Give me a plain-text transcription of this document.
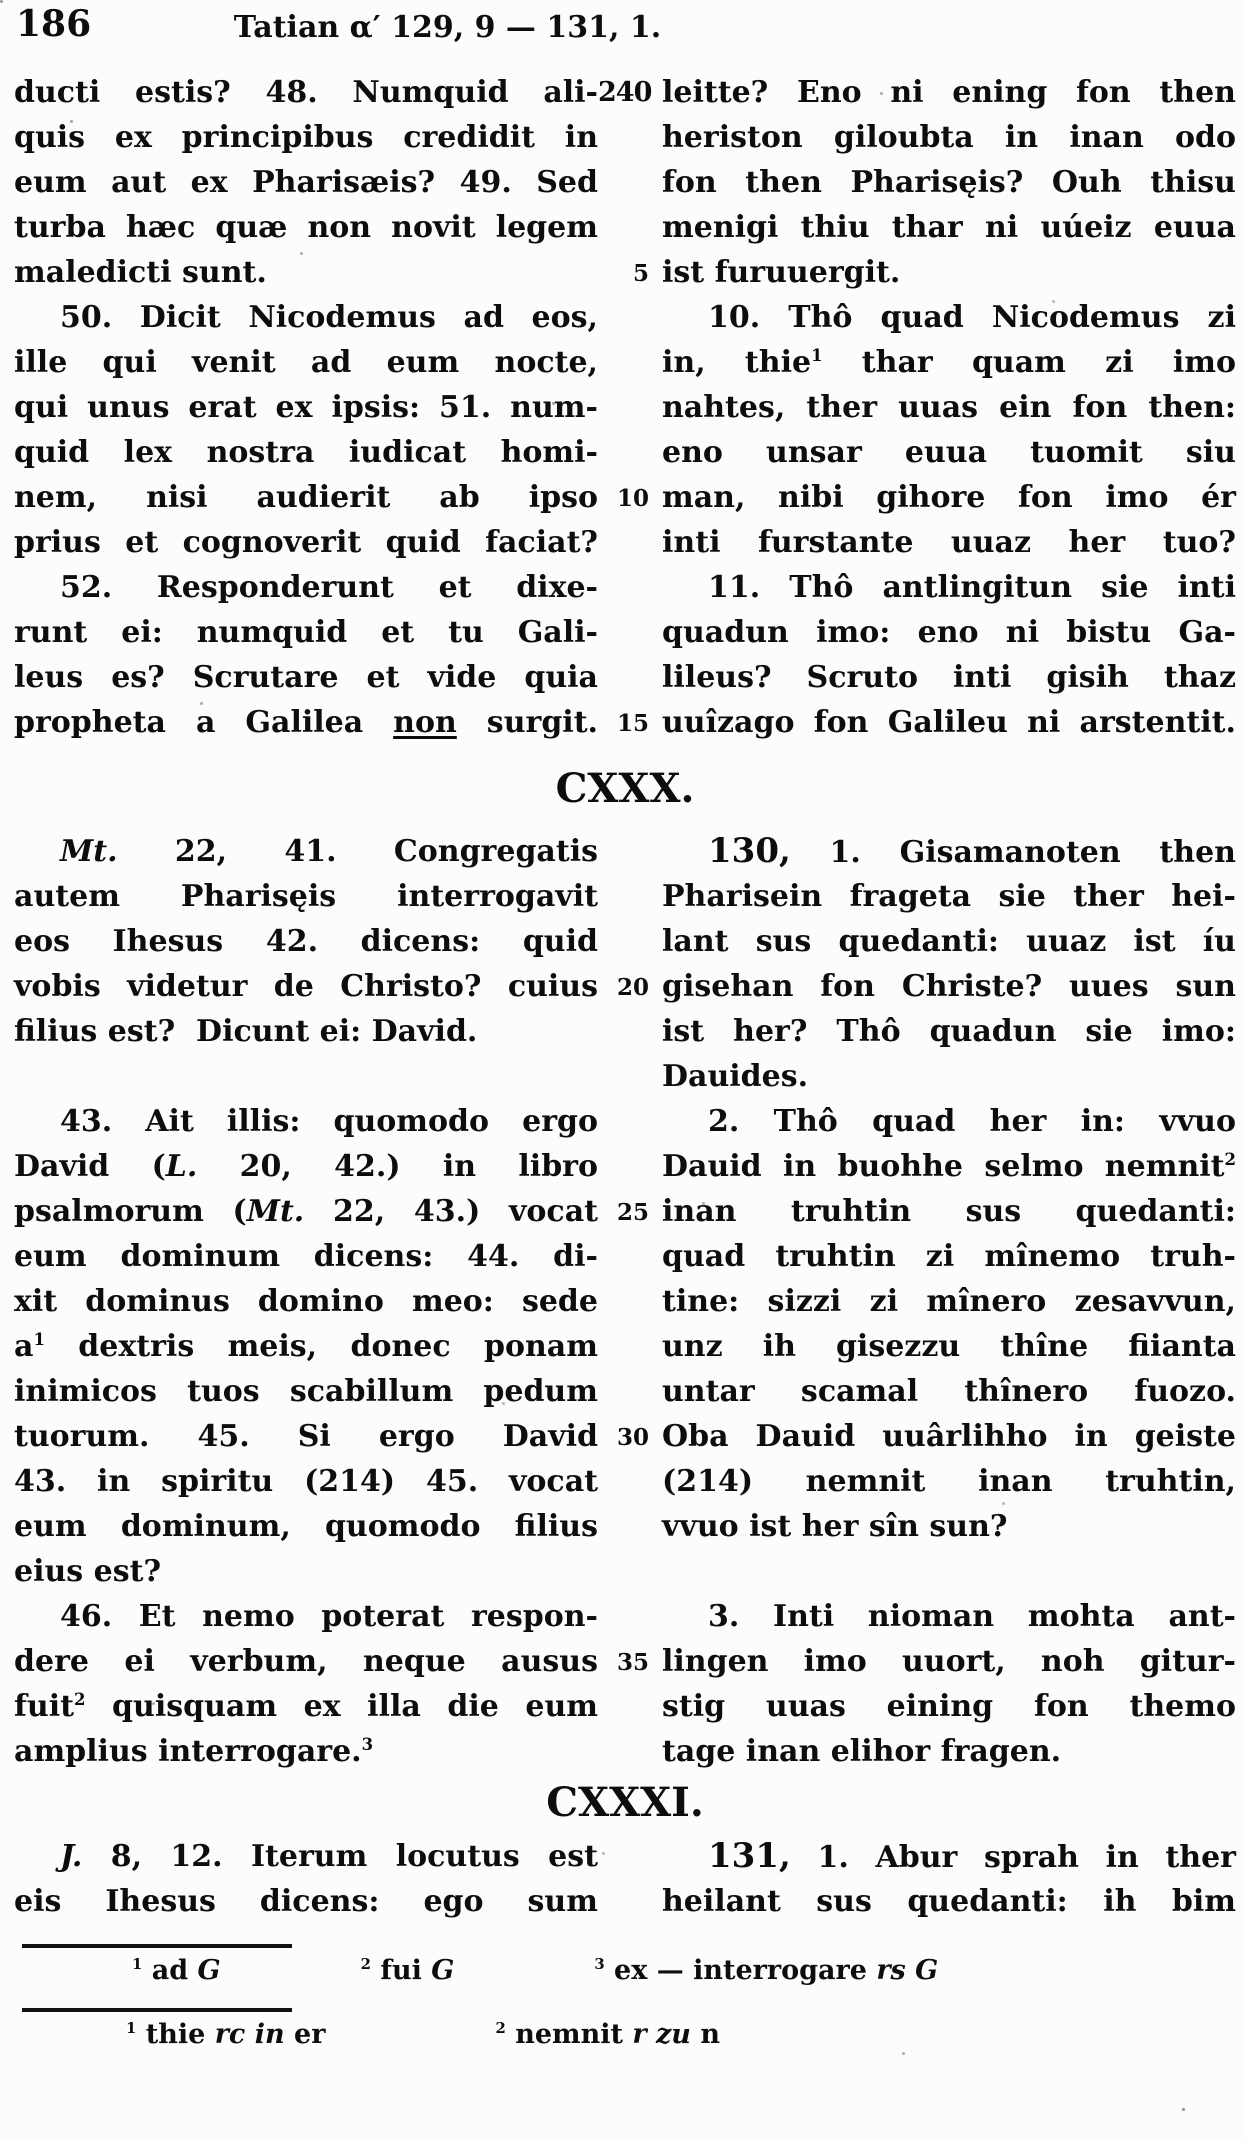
186	Tatian α′ 129, 9 — 131, 1.
ducti estis? 48. Numquid ali- 240 leitte? Eno ni ening fon then
quis ex principibus credidit in heriston giloubta in inan odo
eum aut ex Pharisæis? 49. Sed fon then Pharisęis? Ouh thisu
turba hæc quæ non novit legem menigi thiu thar ni uúeiz euua
maledicti sunt.	5 ist furuuergit.
50. Dicit Nicodemus ad eos,	10. Thô quad Nicodemus zi
ille qui venit ad eum nocte, in, thie$^1$ thar quam zi imo
qui unus erat ex ipsis: 51. num- nahtes, ther uuas ein fon then:
quid lex nostra iudicat homi- eno unsar euua tuomit siu
nem, nisi audierit ab ipso 10 man, nibi gihore fon imo ér
prius et cognoverit quid faciat? inti furstante uuaz her tuo?
52. Responderunt et dixe-	11. Thô antlingitun sie inti
runt ei: numquid et tu Gali- quadun imo: eno ni bistu Ga-
leus es? Scrutare et vide quia lileus? Scruto inti gisih thaz
propheta a Galilea non surgit. 15 uuîzago fon Galileu ni arstentit.
CXXX.
Mt. 22, 41. Congregatis	130, 1. Gisamanoten then
autem Pharisęis interrogavit Pharisein frageta sie ther hei-
eos Ihesus 42. dicens: quid lant sus quedanti: uuaz ist íu
vobis videtur de Christo? cuius 20 gisehan fon Christe? uues sun
filius est?  Dicunt ei: David.	ist her? Thô quadun sie imo:
Dauides.
43. Ait illis: quomodo ergo	2. Thô quad her in: vvuo
David (L. 20, 42.) in libro Dauid in buohhe selmo nemnit$^2$
psalmorum (Mt. 22, 43.) vocat 25 inan truhtin sus quedanti:
eum dominum dicens: 44. di- quad truhtin zi mînemo truh-
xit dominus domino meo: sede tine: sizzi zi mînero zesavvun,
$a^1$ dextris meis, donec ponam unz ih gisezzu thîne fiianta
inimicos tuos scabillum pedum untar scamal thînero fuozo.
tuorum. 45. Si ergo David 30 Oba Dauid uuârlihho in geiste
43. in spiritu (214) 45. vocat (214) nemnit inan truhtin,
eum dominum, quomodo filius vvuo ist her sîn sun?
eius est?
46. Et nemo poterat respon-	3. Inti nioman mohta ant-
dere ei verbum, neque ausus 35 lingen imo uuort, noh gitur-
fuit$^2$ quisquam ex illa die eum stig uuas eining fon themo
amplius interrogare.$^3$	tage inan elihor fragen.
CXXXI.
J. 8, 12. Iterum locutus est	131, 1. Abur sprah in ther
eis Ihesus dicens: ego sum heilant sus quedanti: ih bim
$^1$ ad G	$^2$ fui G	$^3$ ex — interrogare rs G
$^1$ thie rc in er	$^2$ nemnit r zu n
